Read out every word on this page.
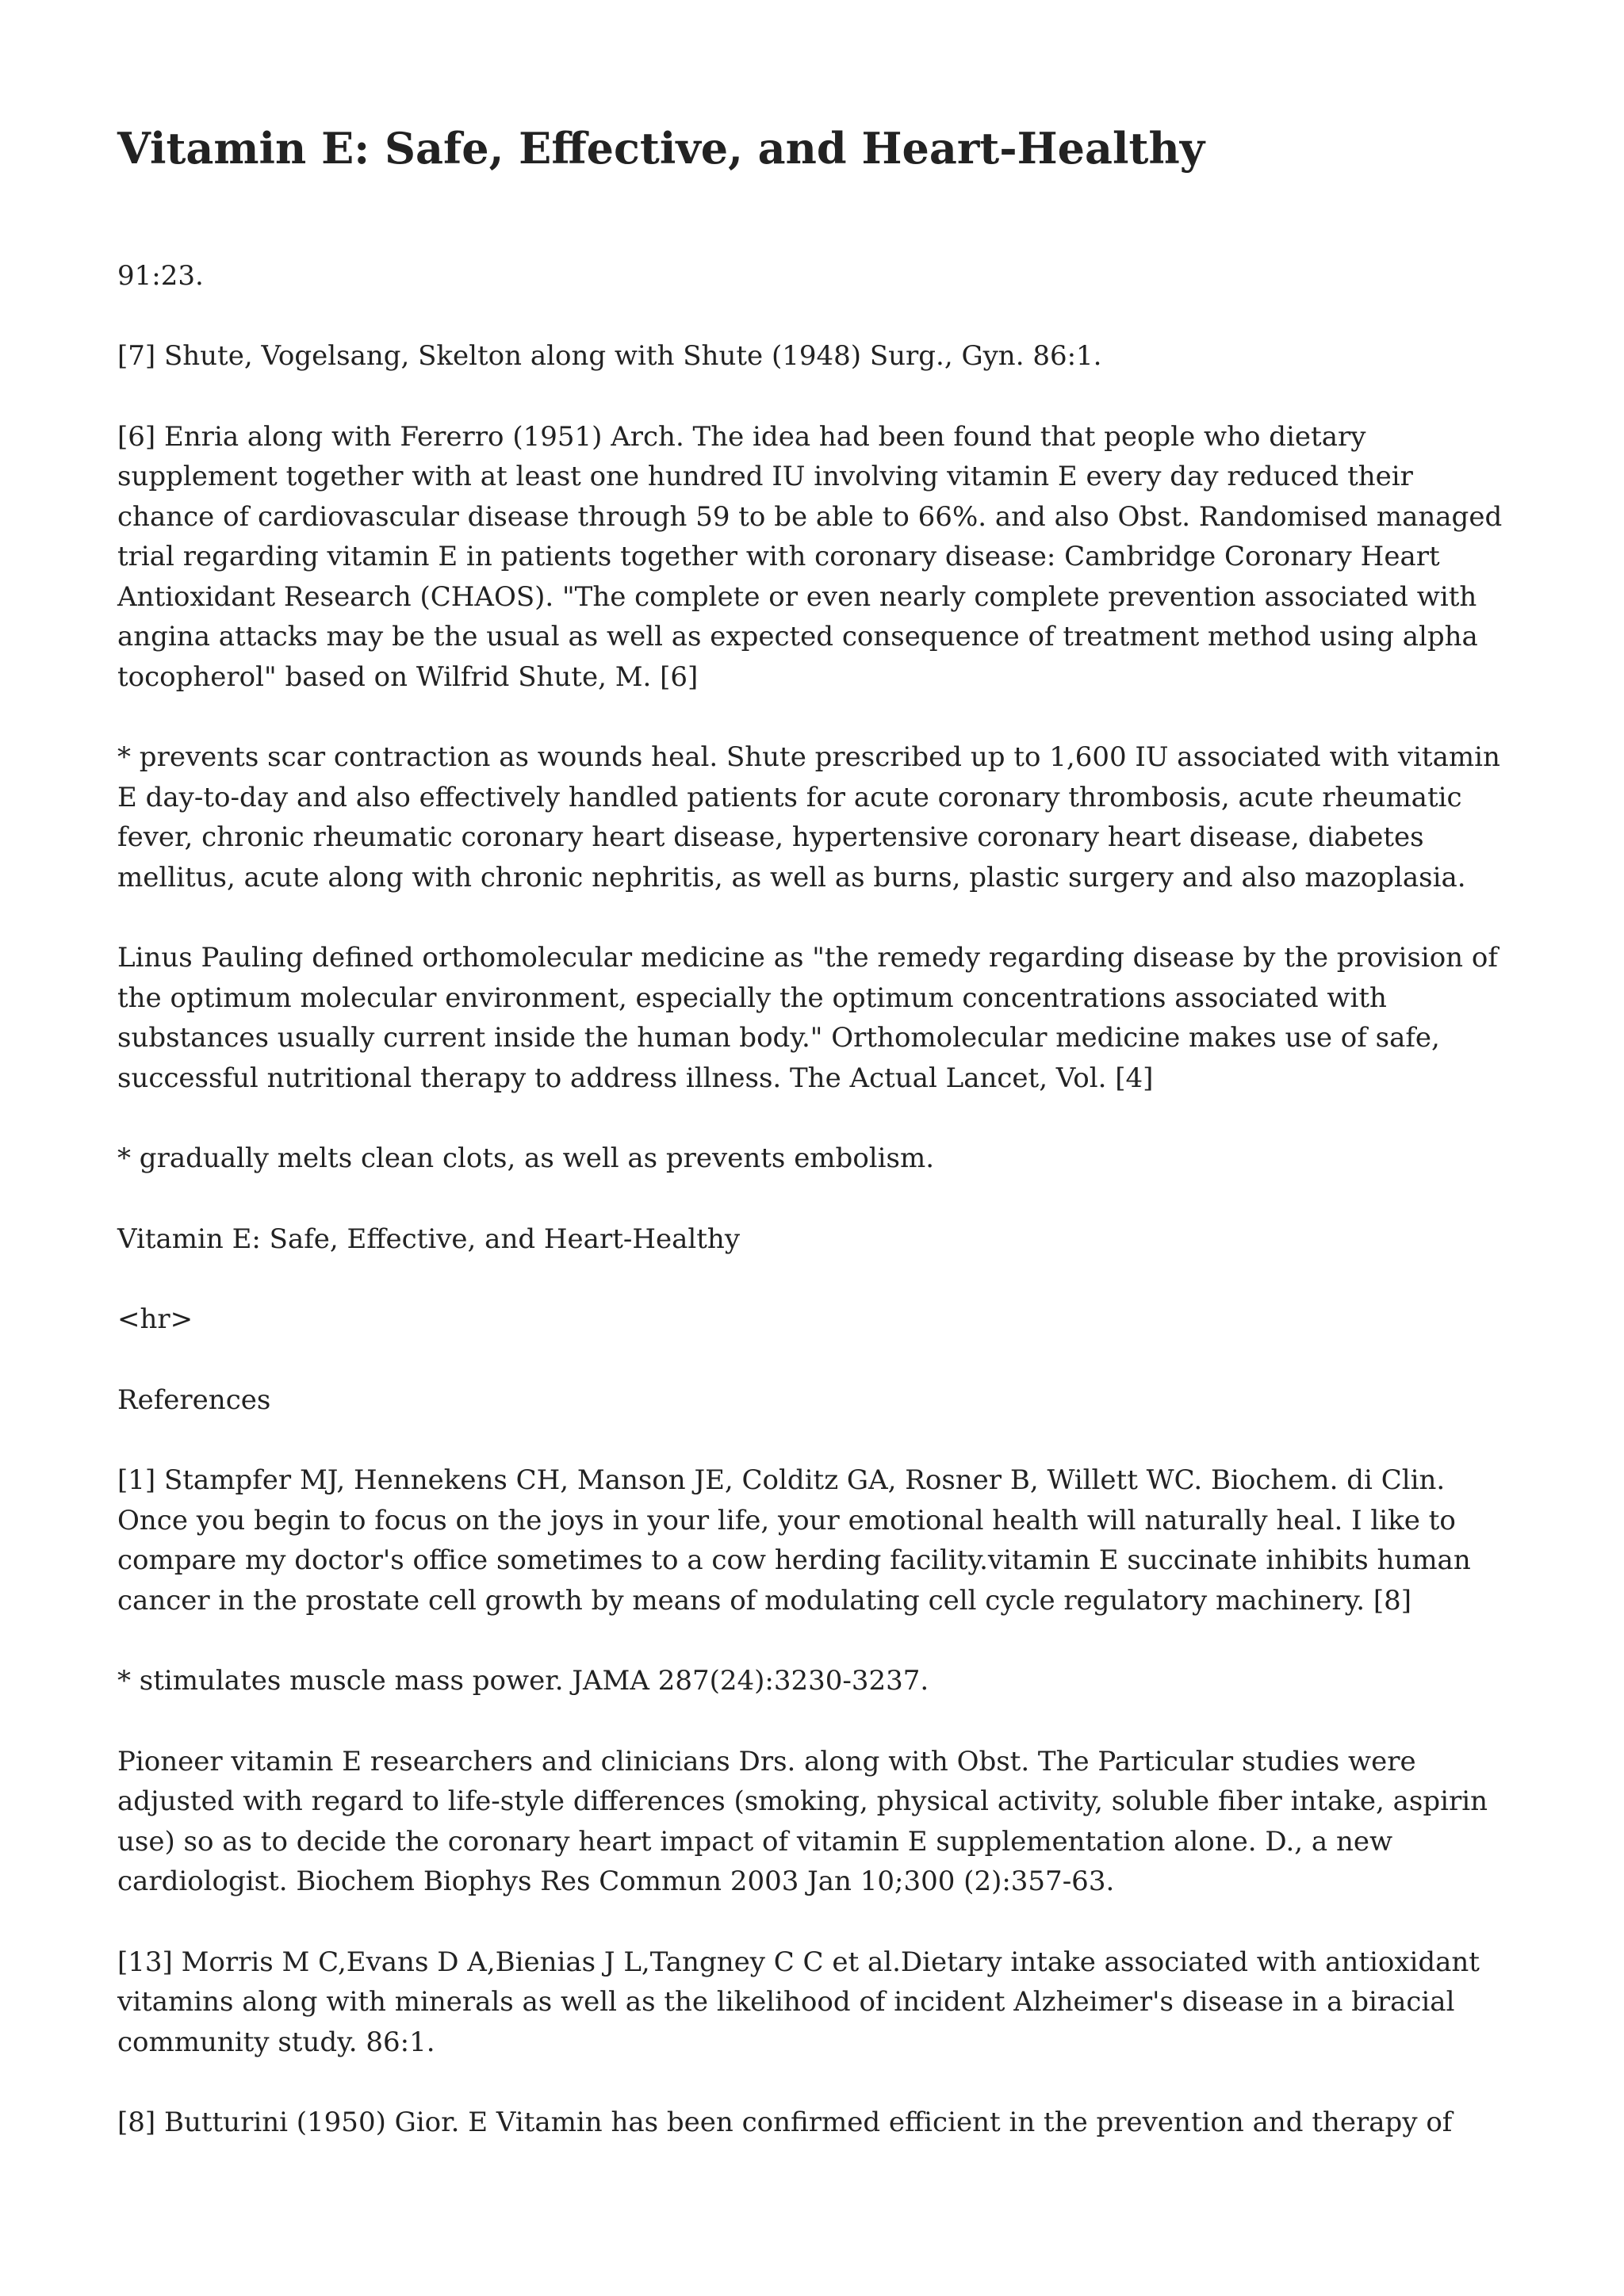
Vitamin E: Safe, Effective, and Heart-Healthy

91:23.

[7] Shute, Vogelsang, Skelton along with Shute (1948) Surg., Gyn. 86:1.

[6] Enria along with Fererro (1951) Arch. The idea had been found that people who dietary
supplement together with at least one hundred IU involving vitamin E every day reduced their
chance of cardiovascular disease through 59 to be able to 66%. and also Obst. Randomised managed
trial regarding vitamin E in patients together with coronary disease: Cambridge Coronary Heart
Antioxidant Research (CHAOS). "The complete or even nearly complete prevention associated with
angina attacks may be the usual as well as expected consequence of treatment method using alpha
tocopherol" based on Wilfrid Shute, M. [6]

* prevents scar contraction as wounds heal. Shute prescribed up to 1,600 IU associated with vitamin
E day-to-day and also effectively handled patients for acute coronary thrombosis, acute rheumatic
fever, chronic rheumatic coronary heart disease, hypertensive coronary heart disease, diabetes
mellitus, acute along with chronic nephritis, as well as burns, plastic surgery and also mazoplasia.

Linus Pauling defined orthomolecular medicine as "the remedy regarding disease by the provision of
the optimum molecular environment, especially the optimum concentrations associated with
substances usually current inside the human body." Orthomolecular medicine makes use of safe,
successful nutritional therapy to address illness. The Actual Lancet, Vol. [4]

* gradually melts clean clots, as well as prevents embolism.

Vitamin E: Safe, Effective, and Heart-Healthy

<hr>

References

[1] Stampfer MJ, Hennekens CH, Manson JE, Colditz GA, Rosner B, Willett WC. Biochem. di Clin.
Once you begin to focus on the joys in your life, your emotional health will naturally heal. I like to
compare my doctor's office sometimes to a cow herding facility.vitamin E succinate inhibits human
cancer in the prostate cell growth by means of modulating cell cycle regulatory machinery. [8]

* stimulates muscle mass power. JAMA 287(24):3230-3237.

Pioneer vitamin E researchers and clinicians Drs. along with Obst. The Particular studies were
adjusted with regard to life-style differences (smoking, physical activity, soluble fiber intake, aspirin
use) so as to decide the coronary heart impact of vitamin E supplementation alone. D., a new
cardiologist. Biochem Biophys Res Commun 2003 Jan 10;300 (2):357-63.

[13] Morris M C,Evans D A,Bienias J L,Tangney C C et al.Dietary intake associated with antioxidant
vitamins along with minerals as well as the likelihood of incident Alzheimer's disease in a biracial
community study. 86:1.

[8] Butturini (1950) Gior. E Vitamin has been confirmed efficient in the prevention and therapy of
